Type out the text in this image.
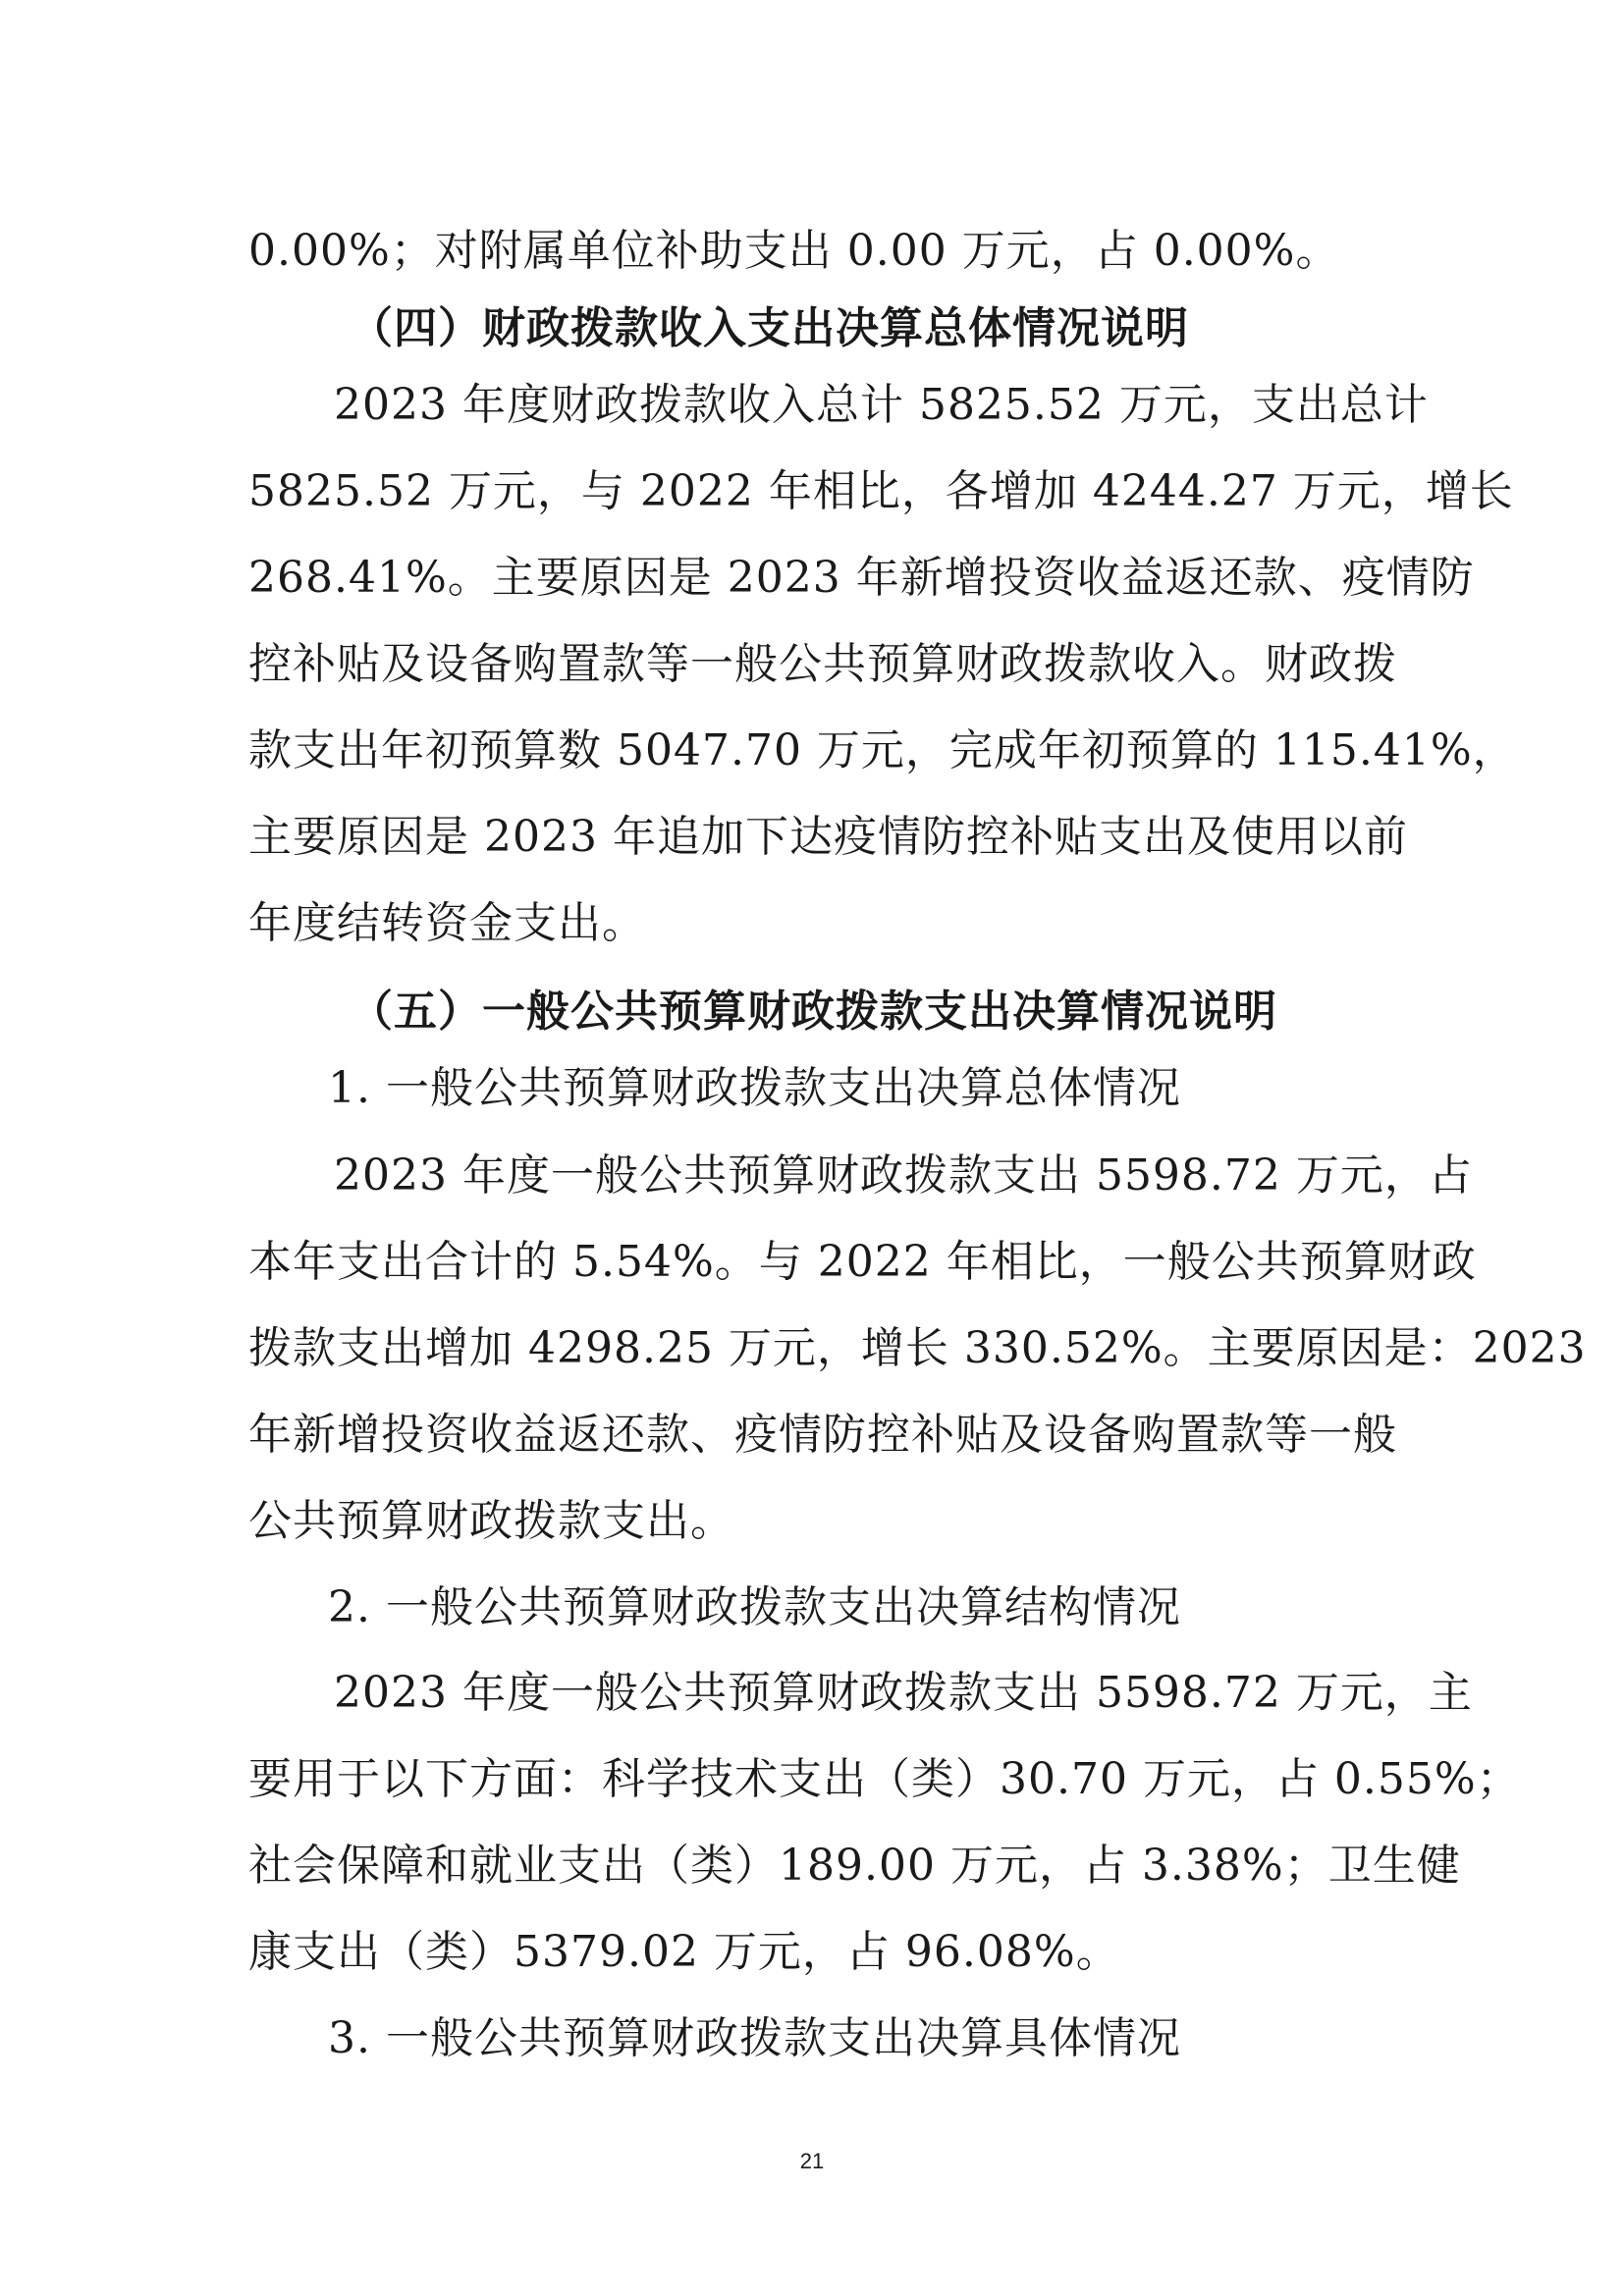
0.00%；对附属单位补助支出 0.00 万元，占 0.00%。
（四）财政拨款收入支出决算总体情况说明
2023 年度财政拨款收入总计 5825.52 万元，支出总计
5825.52 万元，与 2022 年相比，各增加 4244.27 万元，增长
268.41%。主要原因是 2023 年新增投资收益返还款、疫情防
控补贴及设备购置款等一般公共预算财政拨款收入。财政拨
款支出年初预算数 5047.70 万元，完成年初预算的 115.41%，
主要原因是 2023 年追加下达疫情防控补贴支出及使用以前
年度结转资金支出。
（五）一般公共预算财政拨款支出决算情况说明
1. 一般公共预算财政拨款支出决算总体情况
2023 年度一般公共预算财政拨款支出 5598.72 万元，占
本年支出合计的 5.54%。与 2022 年相比，一般公共预算财政
拨款支出增加 4298.25 万元，增长 330.52%。主要原因是：2023
年新增投资收益返还款、疫情防控补贴及设备购置款等一般
公共预算财政拨款支出。
2. 一般公共预算财政拨款支出决算结构情况
2023 年度一般公共预算财政拨款支出 5598.72 万元，主
要用于以下方面：科学技术支出（类）30.70 万元，占 0.55%；
社会保障和就业支出（类）189.00 万元，占 3.38%；卫生健
康支出（类）5379.02 万元，占 96.08%。
3. 一般公共预算财政拨款支出决算具体情况
21
